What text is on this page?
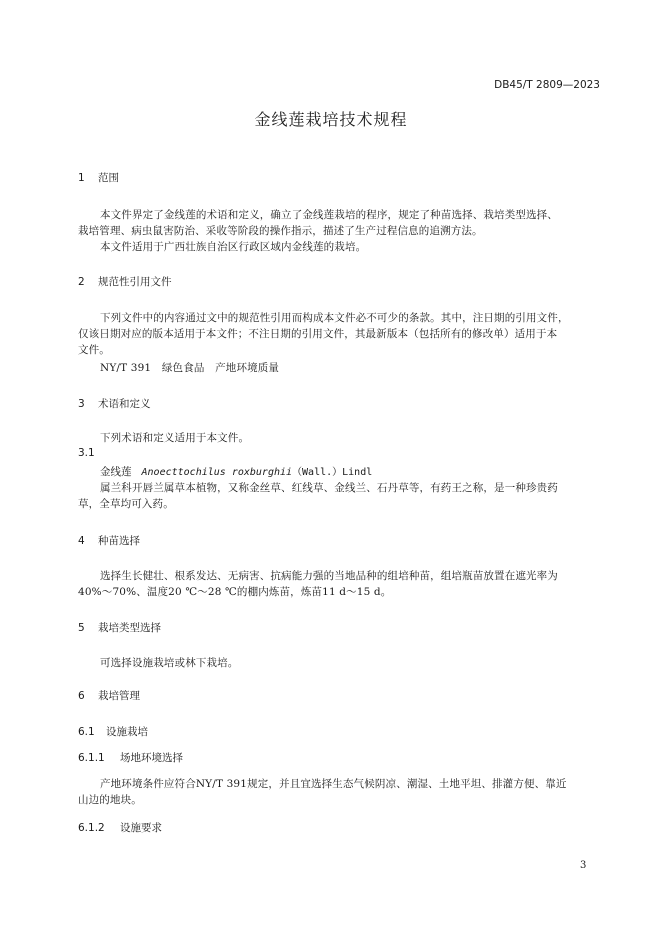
DB45/T 2809—2023
金线莲栽培技术规程
1 范围
本文件界定了金线莲的术语和定义，确立了金线莲栽培的程序，规定了种苗选择、栽培类型选择、
栽培管理、病虫鼠害防治、采收等阶段的操作指示，描述了生产过程信息的追溯方法。
本文件适用于广西壮族自治区行政区域内金线莲的栽培。
2 规范性引用文件
下列文件中的内容通过文中的规范性引用而构成本文件必不可少的条款。其中，注日期的引用文件，
仅该日期对应的版本适用于本文件；不注日期的引用文件，其最新版本（包括所有的修改单）适用于本
文件。
NY/T 391　绿色食品　产地环境质量
3 术语和定义
下列术语和定义适用于本文件。
3.1
金线莲 Anoecttochilus roxburghii（Wall.）Lindl
属兰科开唇兰属草本植物，又称金丝草、红线草、金线兰、石丹草等，有药王之称，是一种珍贵药
草，全草均可入药。
4 种苗选择
选择生长健壮、根系发达、无病害、抗病能力强的当地品种的组培种苗，组培瓶苗放置在遮光率为
40%～70%、温度20 ℃～28 ℃的棚内炼苗，炼苗11 d～15 d。
5 栽培类型选择
可选择设施栽培或林下栽培。
6 栽培管理
6.1 设施栽培
6.1.1 场地环境选择
产地环境条件应符合NY/T 391规定，并且宜选择生态气候阴凉、潮湿、土地平坦、排灌方便、靠近
山边的地块。
6.1.2 设施要求
3
